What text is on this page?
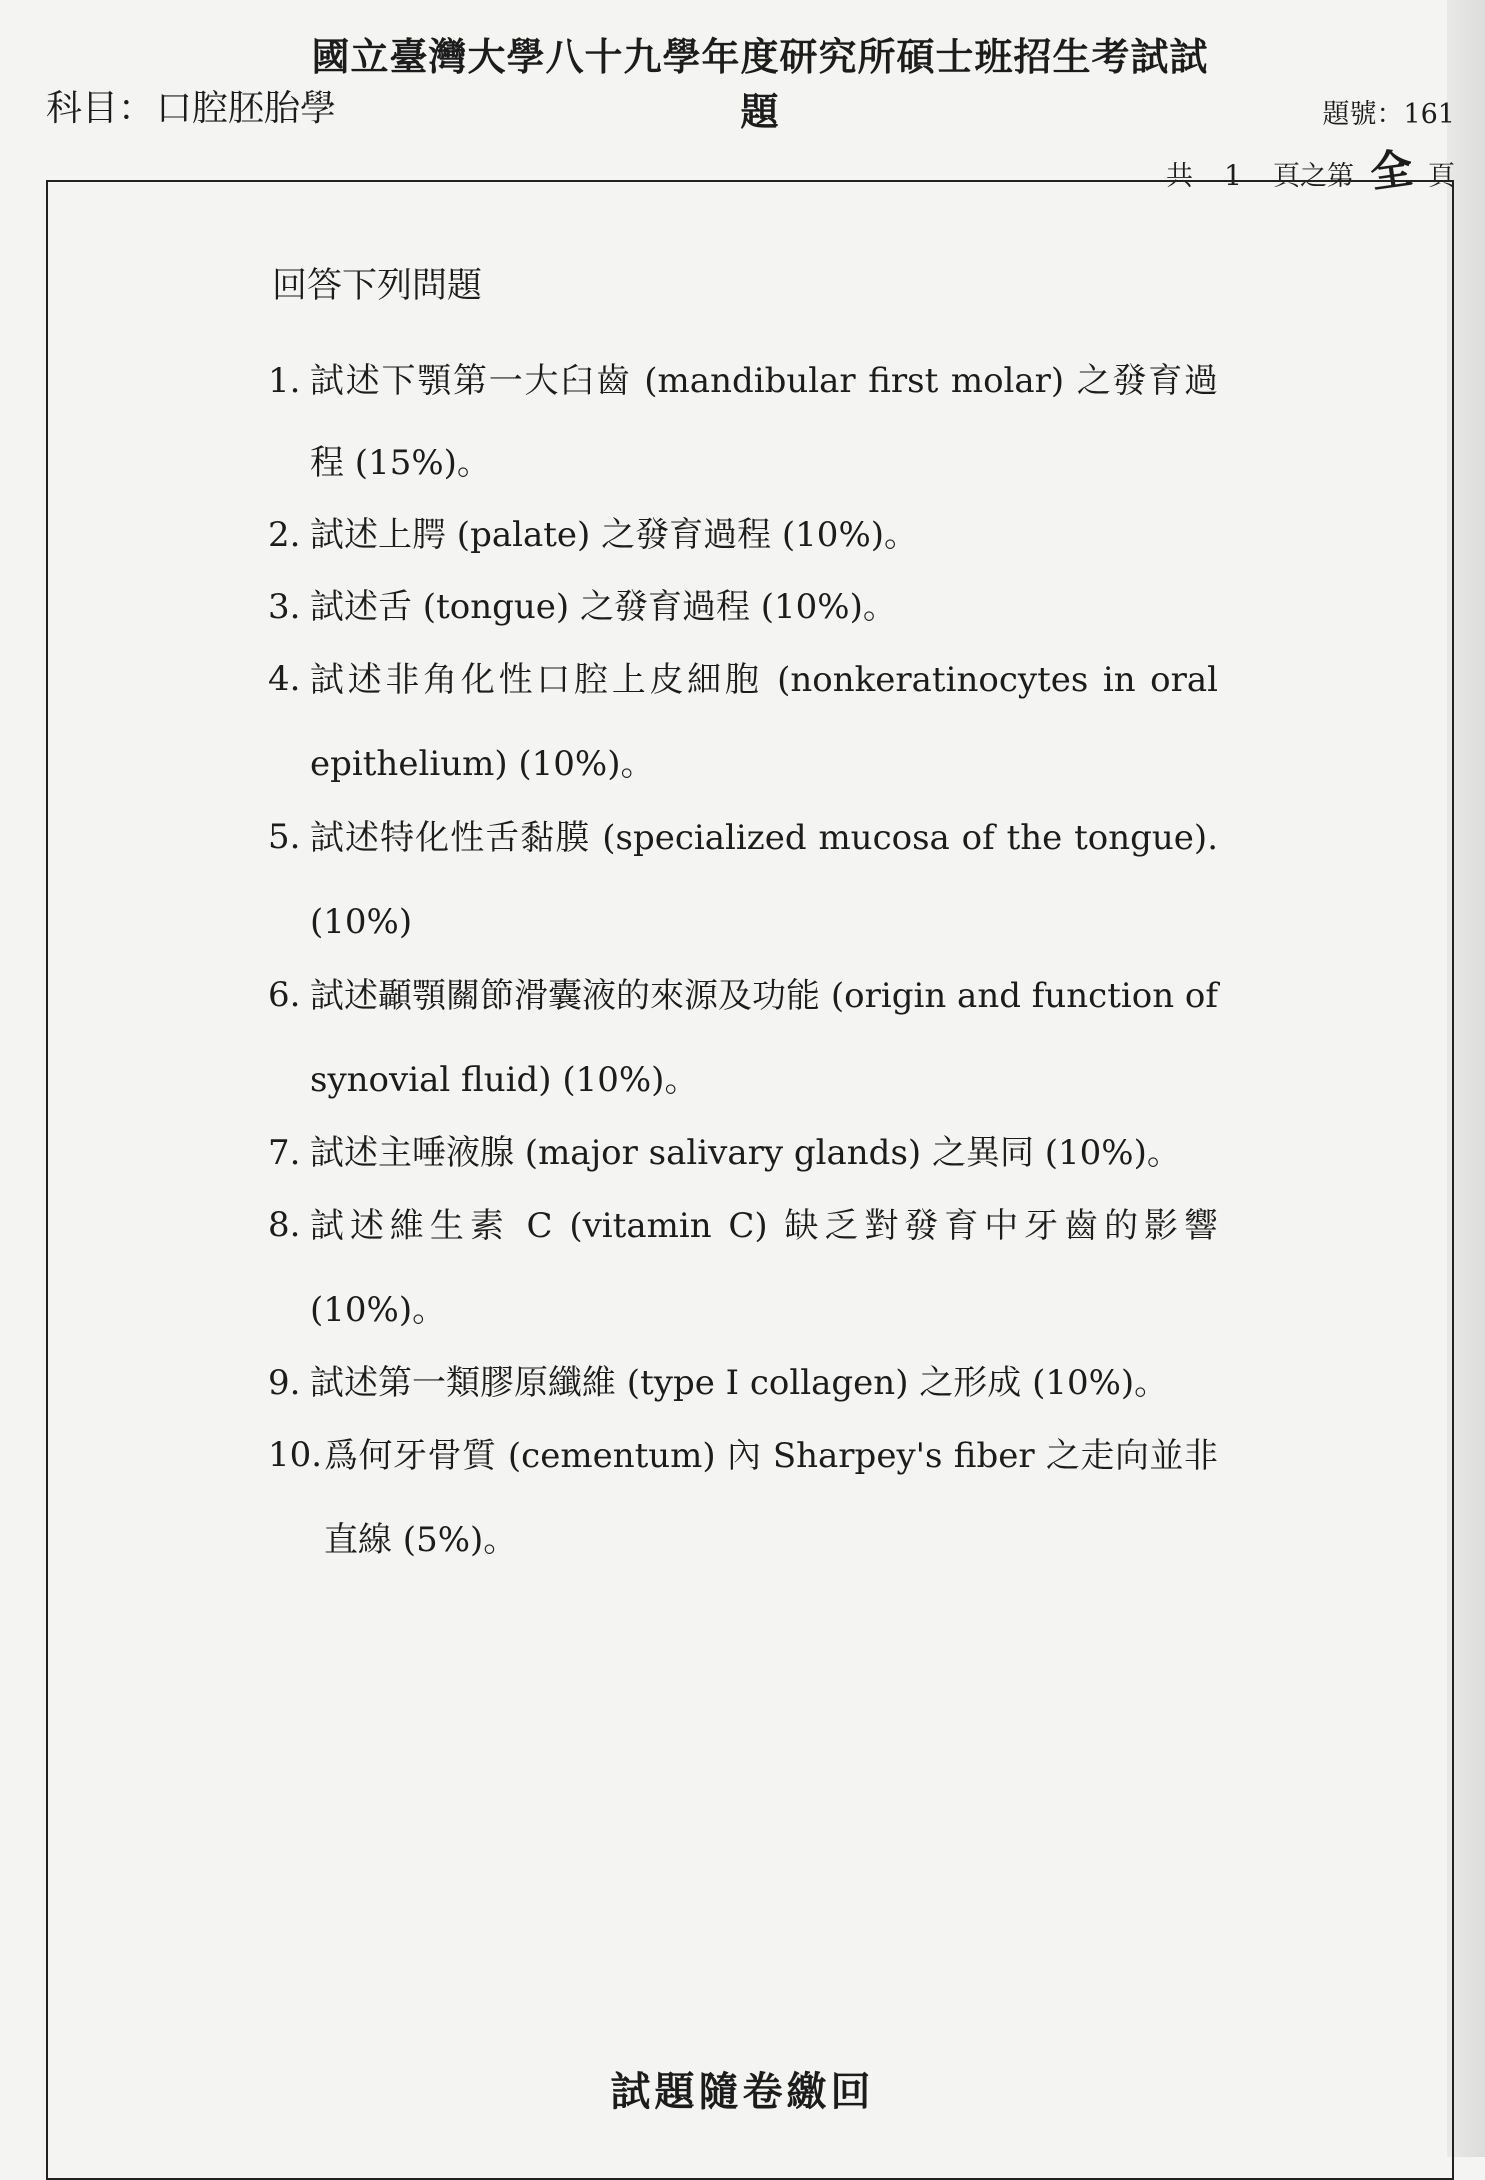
國立臺灣大學八十九學年度研究所碩士班招生考試試題
科目：口腔胚胎學	題號：161
共	1	頁之第 全 頁
回答下列問題
1. 試述下顎第一大臼齒 (mandibular first molar) 之發育過程 (15%)。
2. 試述上腭 (palate) 之發育過程 (10%)。
3. 試述舌 (tongue) 之發育過程 (10%)。
4. 試述非角化性口腔上皮細胞 (nonkeratinocytes in oral epithelium) (10%)。
5. 試述特化性舌黏膜 (specialized mucosa of the tongue). (10%)
6. 試述顳顎關節滑囊液的來源及功能 (origin and function of synovial fluid) (10%)。
7. 試述主唾液腺 (major salivary glands) 之異同 (10%)。
8. 試述維生素 C (vitamin C) 缺乏對發育中牙齒的影響 (10%)。
9. 試述第一類膠原纖維 (type I collagen) 之形成 (10%)。
10. 爲何牙骨質 (cementum) 內 Sharpey's fiber 之走向並非直線 (5%)。
試題隨卷繳回
